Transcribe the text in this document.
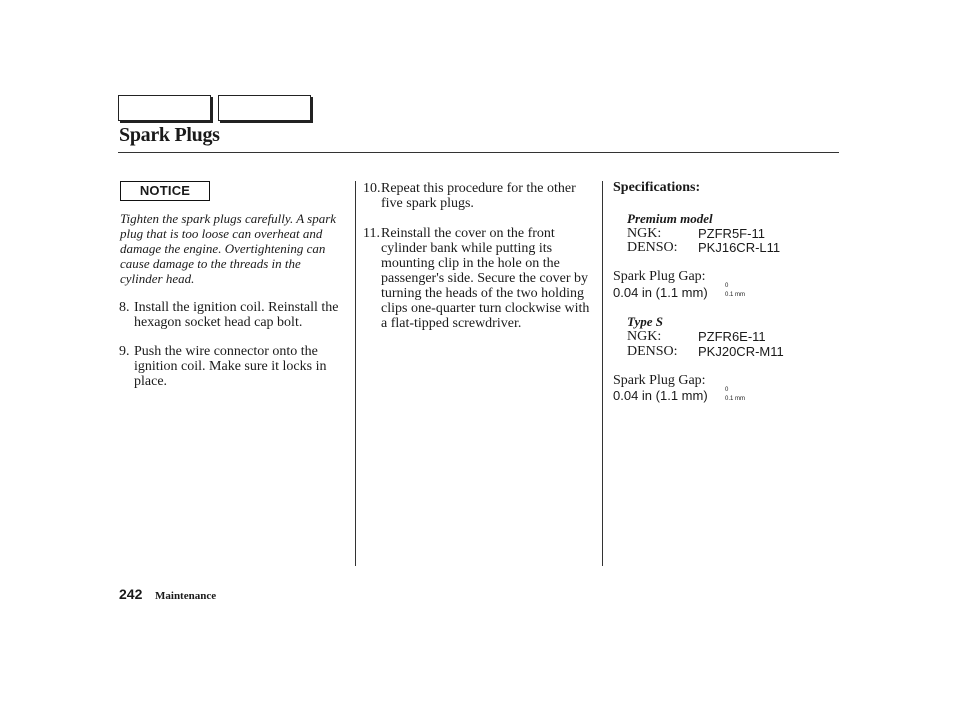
Spark Plugs
NOTICE
Tighten the spark plugs carefully. A spark plug that is too loose can overheat and damage the engine. Overtightening can cause damage to the threads in the cylinder head.
8. Install the ignition coil. Reinstall the hexagon socket head cap bolt.
9. Push the wire connector onto the ignition coil. Make sure it locks in place.
10. Repeat this procedure for the other five spark plugs.
11. Reinstall the cover on the front cylinder bank while putting its mounting clip in the hole on the passenger's side. Secure the cover by turning the heads of the two holding clips one-quarter turn clockwise with a flat-tipped screwdriver.
Specifications:
Premium model
NGK:	PZFR5F-11
DENSO: PKJ16CR-L11
Spark Plug Gap:
0.04 in (1.1 mm)	0
0.1 mm
Type S
NGK:	PZFR6E-11
DENSO: PKJ20CR-M11
Spark Plug Gap:
0.04 in (1.1 mm)	0
0.1 mm
242 Maintenance
